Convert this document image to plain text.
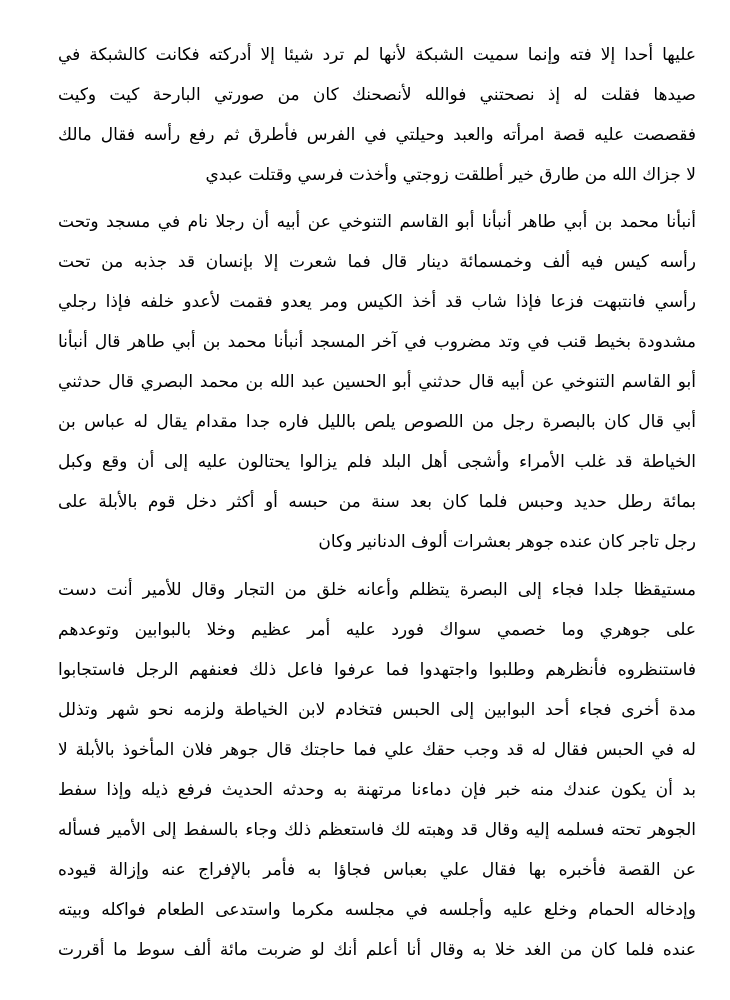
عليها أحدا إلا فته وإنما سميت الشبكة لأنها لم ترد شيئا إلا أدركته فكانت كالشبكة في
صيدها فقلت له إذ نصحتني فوالله لأنصحنك كان من صورتي البارحة كيت وكيت
فقصصت عليه قصة امرأته والعبد وحيلتي في الفرس فأطرق ثم رفع رأسه فقال مالك
لا جزاك الله من طارق خير أطلقت زوجتي وأخذت فرسي وقتلت عبدي
أنبأنا محمد بن أبي طاهر أنبأنا أبو القاسم التنوخي عن أبيه أن رجلا نام في مسجد وتحت
رأسه كيس فيه ألف وخمسمائة دينار قال فما شعرت إلا بإنسان قد جذبه من تحت
رأسي فانتبهت فزعا فإذا شاب قد أخذ الكيس ومر يعدو فقمت لأعدو خلفه فإذا رجلي
مشدودة بخيط قنب في وتد مضروب في آخر المسجد أنبأنا محمد بن أبي طاهر قال أنبأنا
أبو القاسم التنوخي عن أبيه قال حدثني أبو الحسين عبد الله بن محمد البصري قال حدثني
أبي قال كان بالبصرة رجل من اللصوص يلص بالليل فاره جدا مقدام يقال له عباس بن
الخياطة قد غلب الأمراء وأشجى أهل البلد فلم يزالوا يحتالون عليه إلى أن وقع وكبل
بمائة رطل حديد وحبس فلما كان بعد سنة من حبسه أو أكثر دخل قوم بالأبلة على
رجل تاجر كان عنده جوهر بعشرات ألوف الدنانير وكان
مستيقظا جلدا فجاء إلى البصرة يتظلم وأعانه خلق من التجار وقال للأمير أنت دست
على جوهري وما خصمي سواك فورد عليه أمر عظيم وخلا بالبوابين وتوعدهم
فاستنظروه فأنظرهم وطلبوا واجتهدوا فما عرفوا فاعل ذلك فعنفهم الرجل فاستجابوا
مدة أخرى فجاء أحد البوابين إلى الحبس فتخادم لابن الخياطة ولزمه نحو شهر وتذلل
له في الحبس فقال له قد وجب حقك علي فما حاجتك قال جوهر فلان المأخوذ بالأبلة لا
بد أن يكون عندك منه خبر فإن دماءنا مرتهنة به وحدثه الحديث فرفع ذيله وإذا سفط
الجوهر تحته فسلمه إليه وقال قد وهبته لك فاستعظم ذلك وجاء بالسفط إلى الأمير فسأله
عن القصة فأخبره بها فقال علي بعباس فجاؤا به فأمر بالإفراج عنه وإزالة قيوده
وإدخاله الحمام وخلع عليه وأجلسه في مجلسه مكرما واستدعى الطعام فواكله وبيته
عنده فلما كان من الغد خلا به وقال أنا أعلم أنك لو ضربت مائة ألف سوط ما أقررت
